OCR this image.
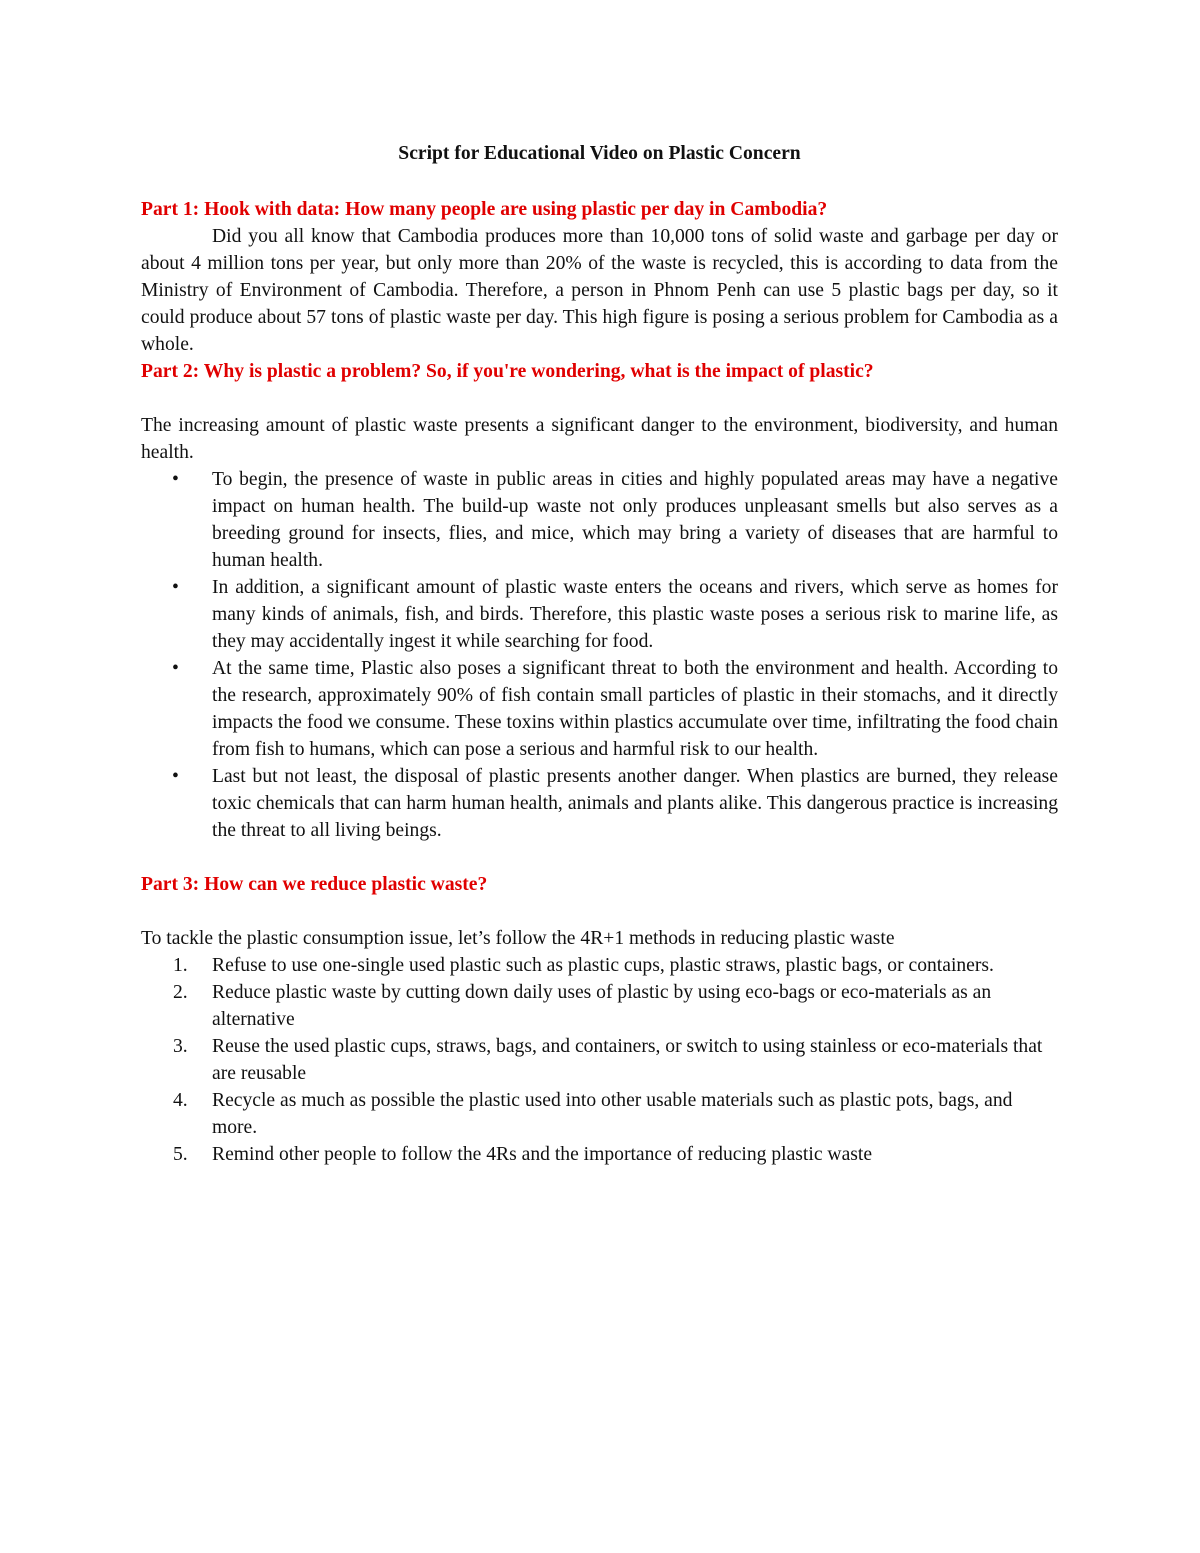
Script for Educational Video on Plastic Concern

Part 1: Hook with data: How many people are using plastic per day in Cambodia?

Did you all know that Cambodia produces more than 10,000 tons of solid waste and garbage per day or about 4 million tons per year, but only more than 20% of the waste is recycled, this is according to data from the Ministry of Environment of Cambodia. Therefore, a person in Phnom Penh can use 5 plastic bags per day, so it could produce about 57 tons of plastic waste per day. This high figure is posing a serious problem for Cambodia as a whole.

Part 2: Why is plastic a problem? So, if you're wondering, what is the impact of plastic?

The increasing amount of plastic waste presents a significant danger to the environment, biodiversity, and human health.

•	To begin, the presence of waste in public areas in cities and highly populated areas may have a negative impact on human health. The build-up waste not only produces unpleasant smells but also serves as a breeding ground for insects, flies, and mice, which may bring a variety of diseases that are harmful to human health.
•	In addition, a significant amount of plastic waste enters the oceans and rivers, which serve as homes for many kinds of animals, fish, and birds. Therefore, this plastic waste poses a serious risk to marine life, as they may accidentally ingest it while searching for food.
•	At the same time, Plastic also poses a significant threat to both the environment and health. According to the research, approximately 90% of fish contain small particles of plastic in their stomachs, and it directly impacts the food we consume. These toxins within plastics accumulate over time, infiltrating the food chain from fish to humans, which can pose a serious and harmful risk to our health.
•	Last but not least, the disposal of plastic presents another danger. When plastics are burned, they release toxic chemicals that can harm human health, animals and plants alike. This dangerous practice is increasing the threat to all living beings.

Part 3: How can we reduce plastic waste?

To tackle the plastic consumption issue, let’s follow the 4R+1 methods in reducing plastic waste

1.	Refuse to use one-single used plastic such as plastic cups, plastic straws, plastic bags, or containers.
2.	Reduce plastic waste by cutting down daily uses of plastic by using eco-bags or eco-materials as an alternative
3.	Reuse the used plastic cups, straws, bags, and containers, or switch to using stainless or eco-materials that are reusable
4.	Recycle as much as possible the plastic used into other usable materials such as plastic pots, bags, and more.
5.	Remind other people to follow the 4Rs and the importance of reducing plastic waste
